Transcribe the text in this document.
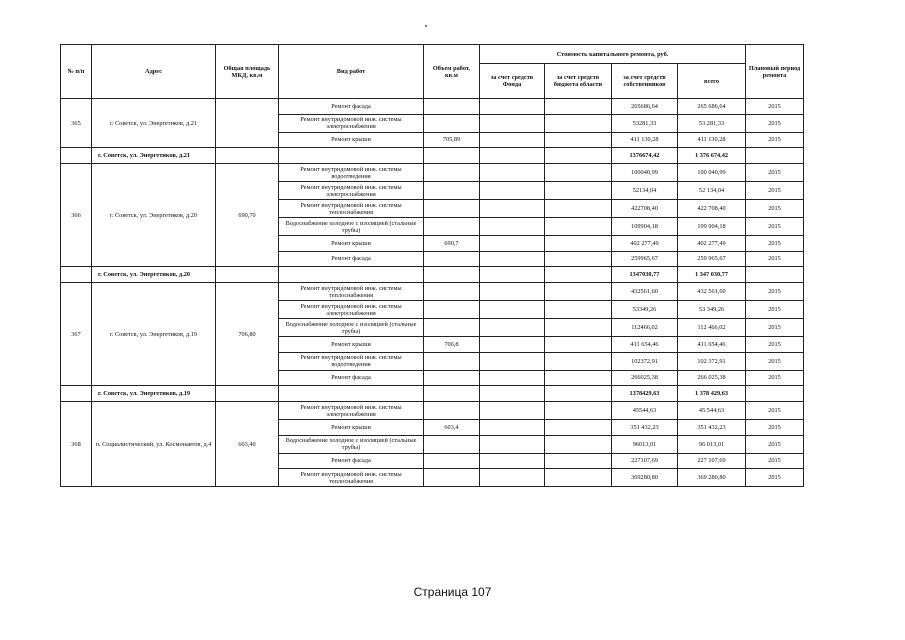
№ п/п	Адрес	Общая площадь МКД, кв.м	Вид работ	Объем работ, кв.м	Стоимость капитального ремонта, руб.				Плановый период ремонта
					за счет средств Фонда	за счет средств бюджета области	за счет средств собственников	всего	
365	г. Советск, ул. Энергетиков, д.21		Ремонт фасада				265686,64	265 686,64	2015
			Ремонт внутридомовой инж. системы электроснабжения				53281,33	53 281,33	2015
			Ремонт крыши	705,89			411 130,28	411 130,28	2015
	г. Советск, ул. Энергетиков, д.21						1376674,42	1 376 674,42	
366	г. Советск, ул. Энергетиков, д.20	690,70	Ремонт внутридомовой инж. системы водоотведения				100040,99	100 040,99	2015
			Ремонт внутридомовой инж. системы электроснабжения				52134,04	52 134,04	2015
			Ремонт внутридомовой инж. системы теплоснабжения				422708,40	422 708,40	2015
			Водоснабжение холодное с изоляцией (стальные трубы)				109904,18	109 904,18	2015
			Ремонт крыши	690,7			402 277,49	402 277,49	2015
			Ремонт фасада				259965,67	259 965,67	2015
	г. Советск, ул. Энергетиков, д.20						1347030,77	1 347 030,77	
367	г. Советск, ул. Энергетиков, д.19	706,80	Ремонт внутридомовой инж. системы теплоснабжения				432561,60	432 561,60	2015
			Ремонт внутридомовой инж. системы электроснабжения				53349,26	53 349,26	2015
			Водоснабжение холодное с изоляцией (стальные трубы)				112466,02	112 466,02	2015
			Ремонт крыши	706,8			411 654,46	411 654,46	2015
			Ремонт внутридомовой инж. системы водоотведения				102372,91	102 372,91	2015
			Ремонт фасада				266025,38	266 025,38	2015
	г. Советск, ул. Энергетиков, д.19						1378429,63	1 378 429,63	
368	п. Социалистический, ул. Космонавтов, д.4	603,40	Ремонт внутридомовой инж. системы электроснабжения				45544,63	45 544,63	2015
			Ремонт крыши	603,4			351 432,23	351 432,23	2015
			Водоснабжение холодное с изоляцией (стальные трубы)				96013,01	96 013,01	2015
			Ремонт фасада				227107,69	227 107,69	2015
			Ремонт внутридомовой инж. системы теплоснабжения				369280,80	369 280,80	2015
Страница 107
